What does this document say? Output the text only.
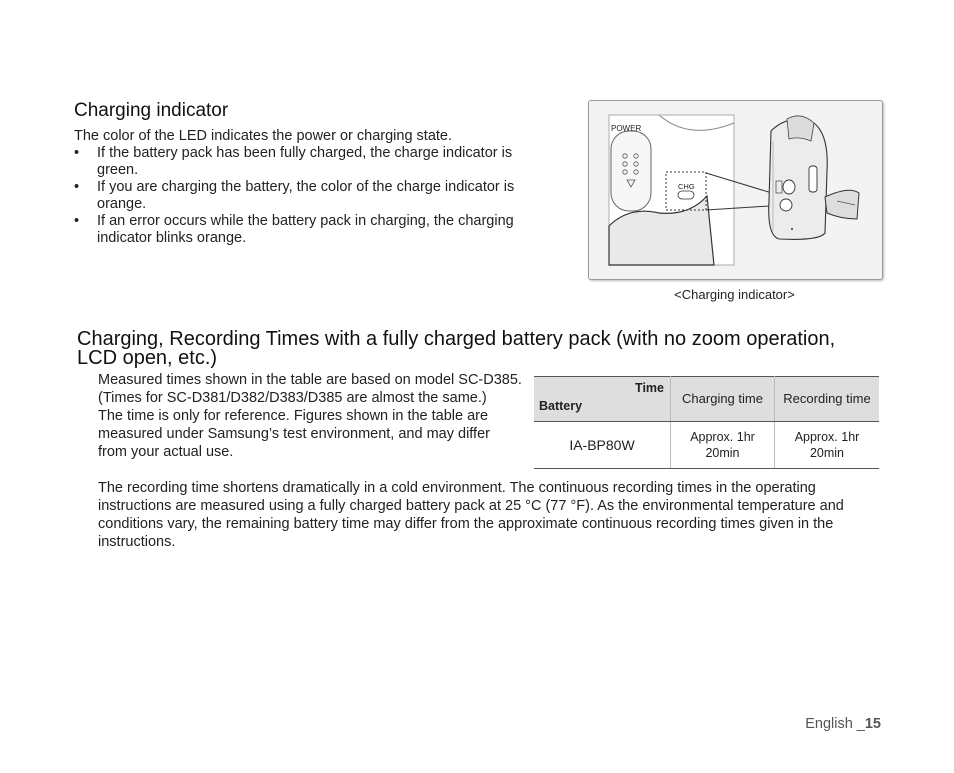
Charging indicator
The color of the LED indicates the power or charging state.
• If the battery pack has been fully charged, the charge indicator is green.
• If you are charging the battery, the color of the charge indicator is orange.
• If an error occurs while the battery pack in charging, the charging indicator blinks orange.
POWER
CHG
<Charging indicator>
Charging, Recording Times with a fully charged battery pack (with no zoom operation, LCD open, etc.)
Measured times shown in the table are based on model SC-D385.
(Times for SC-D381/D382/D383/D385 are almost the same.)
The time is only for reference. Figures shown in the table are measured under Samsung’s test environment, and may differ from your actual use.
The recording time shortens dramatically in a cold environment. The continuous recording times in the operating instructions are measured using a fully charged battery pack at 25 °C (77 °F). As the environmental temperature and conditions vary, the remaining battery time may differ from the approximate continuous recording times given in the instructions.
Time
Battery	Charging time	Recording time
IA-BP80W	Approx. 1hr 20min	Approx. 1hr 20min
English _15
